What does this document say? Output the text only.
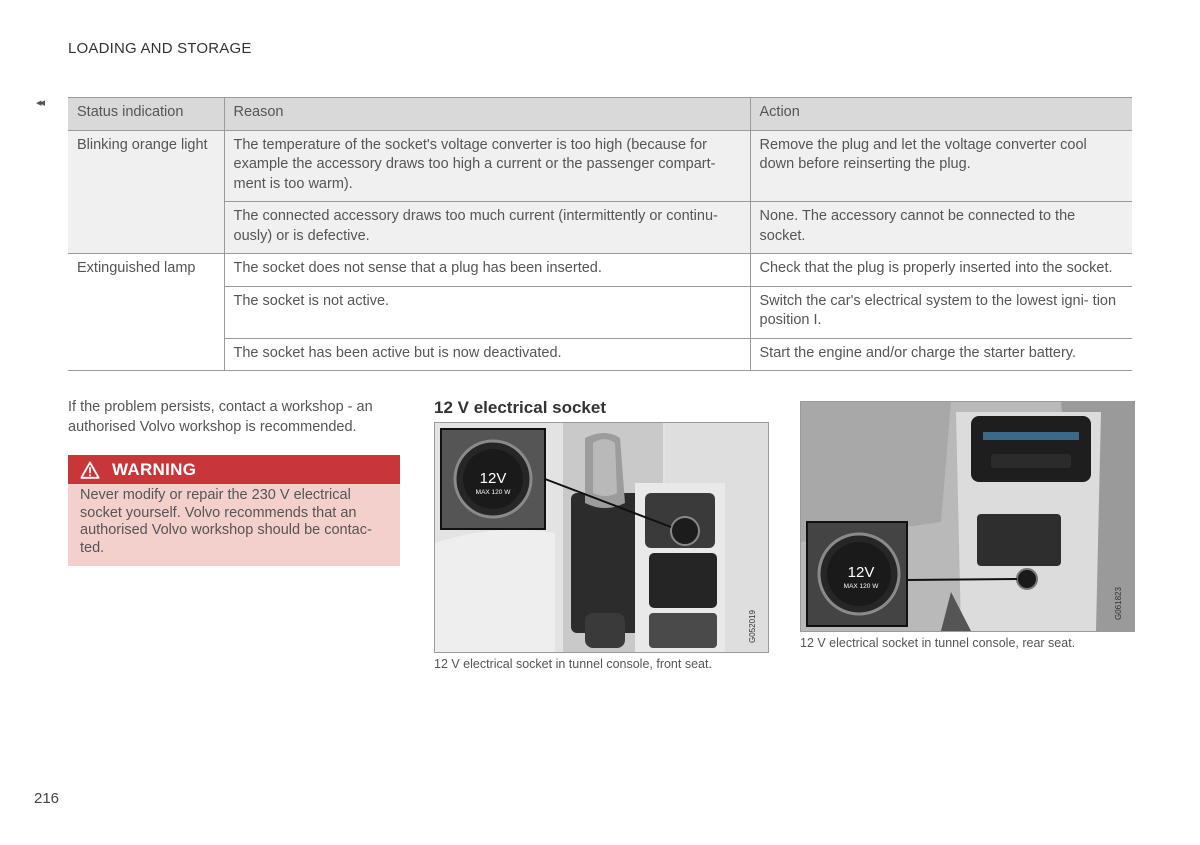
LOADING AND STORAGE
◂◂
Status indication	Reason	Action
Blinking orange light	The temperature of the socket's voltage converter is too high (because for example the accessory draws too high a current or the passenger compart- ment is too warm).	Remove the plug and let the voltage converter cool down before reinserting the plug.
	The connected accessory draws too much current (intermittently or continu- ously) or is defective.	None. The accessory cannot be connected to the socket.
Extinguished lamp	The socket does not sense that a plug has been inserted.	Check that the plug is properly inserted into the socket.
	The socket is not active.	Switch the car's electrical system to the lowest igni- tion position I.
	The socket has been active but is now deactivated.	Start the engine and/or charge the starter battery.
If the problem persists, contact a workshop - an authorised Volvo workshop is recommended.
WARNING
Never modify or repair the 230 V electrical socket yourself. Volvo recommends that an authorised Volvo workshop should be contac- ted.
12 V electrical socket
12V
MAX 120 W
G052019
12 V electrical socket in tunnel console, front seat.
12V
MAX 120 W
G061823
12 V electrical socket in tunnel console, rear seat.
216
